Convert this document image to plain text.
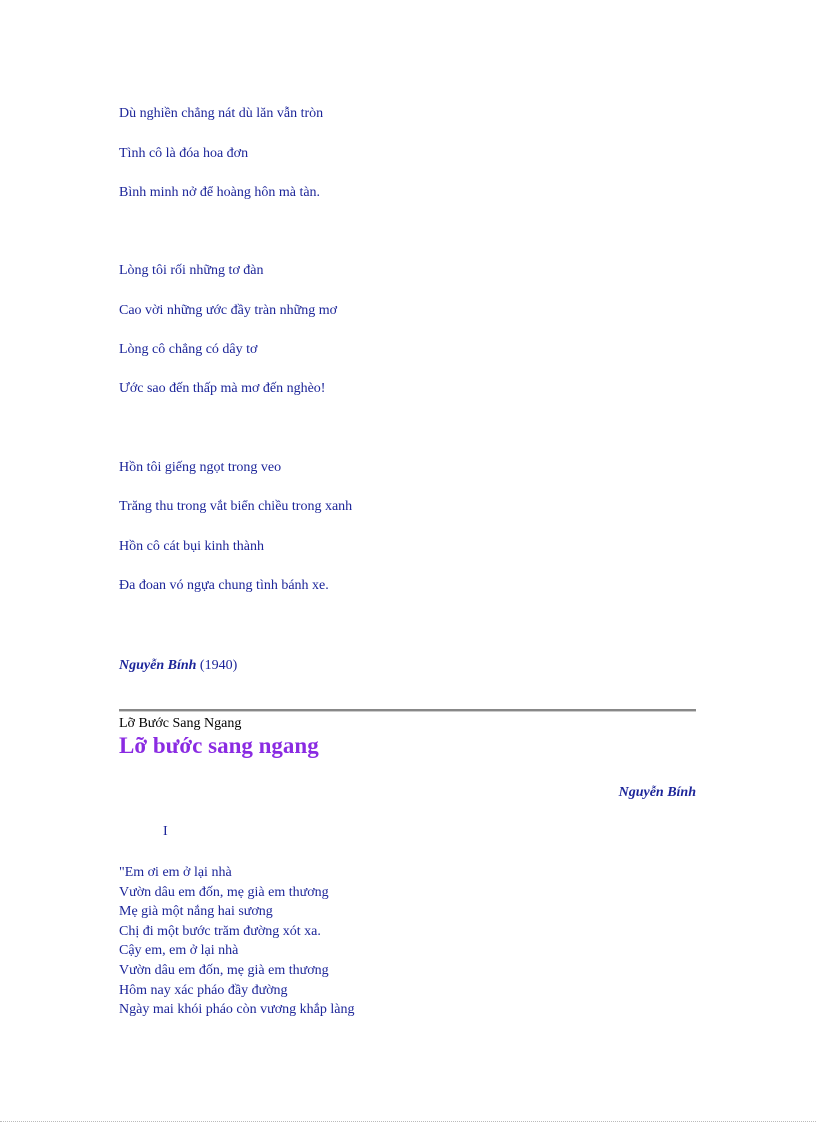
Dù nghiền chẳng nát dù lăn vẫn tròn
Tình cô là đóa hoa đơn
Bình minh nở để hoàng hôn mà tàn.
Lòng tôi rối những tơ đàn
Cao vời những ước đầy tràn những mơ
Lòng cô chẳng có dây tơ
Ước sao đến thấp mà mơ đến nghèo!
Hồn tôi giếng ngọt trong veo
Trăng thu trong vắt biển chiều trong xanh
Hồn cô cát bụi kinh thành
Đa đoan vó ngựa chung tình bánh xe.
Nguyễn Bính (1940)
Lỡ Bước Sang Ngang
Lỡ bước sang ngang
Nguyễn Bính
I
"Em ơi em ở lại nhà
Vườn dâu em đốn, mẹ già em thương
Mẹ già một nắng hai sương
Chị đi một bước trăm đường xót xa.
Cậy em, em ở lại nhà
Vườn dâu em đốn, mẹ già em thương
Hôm nay xác pháo đầy đường
Ngày mai khói pháo còn vương khắp làng
